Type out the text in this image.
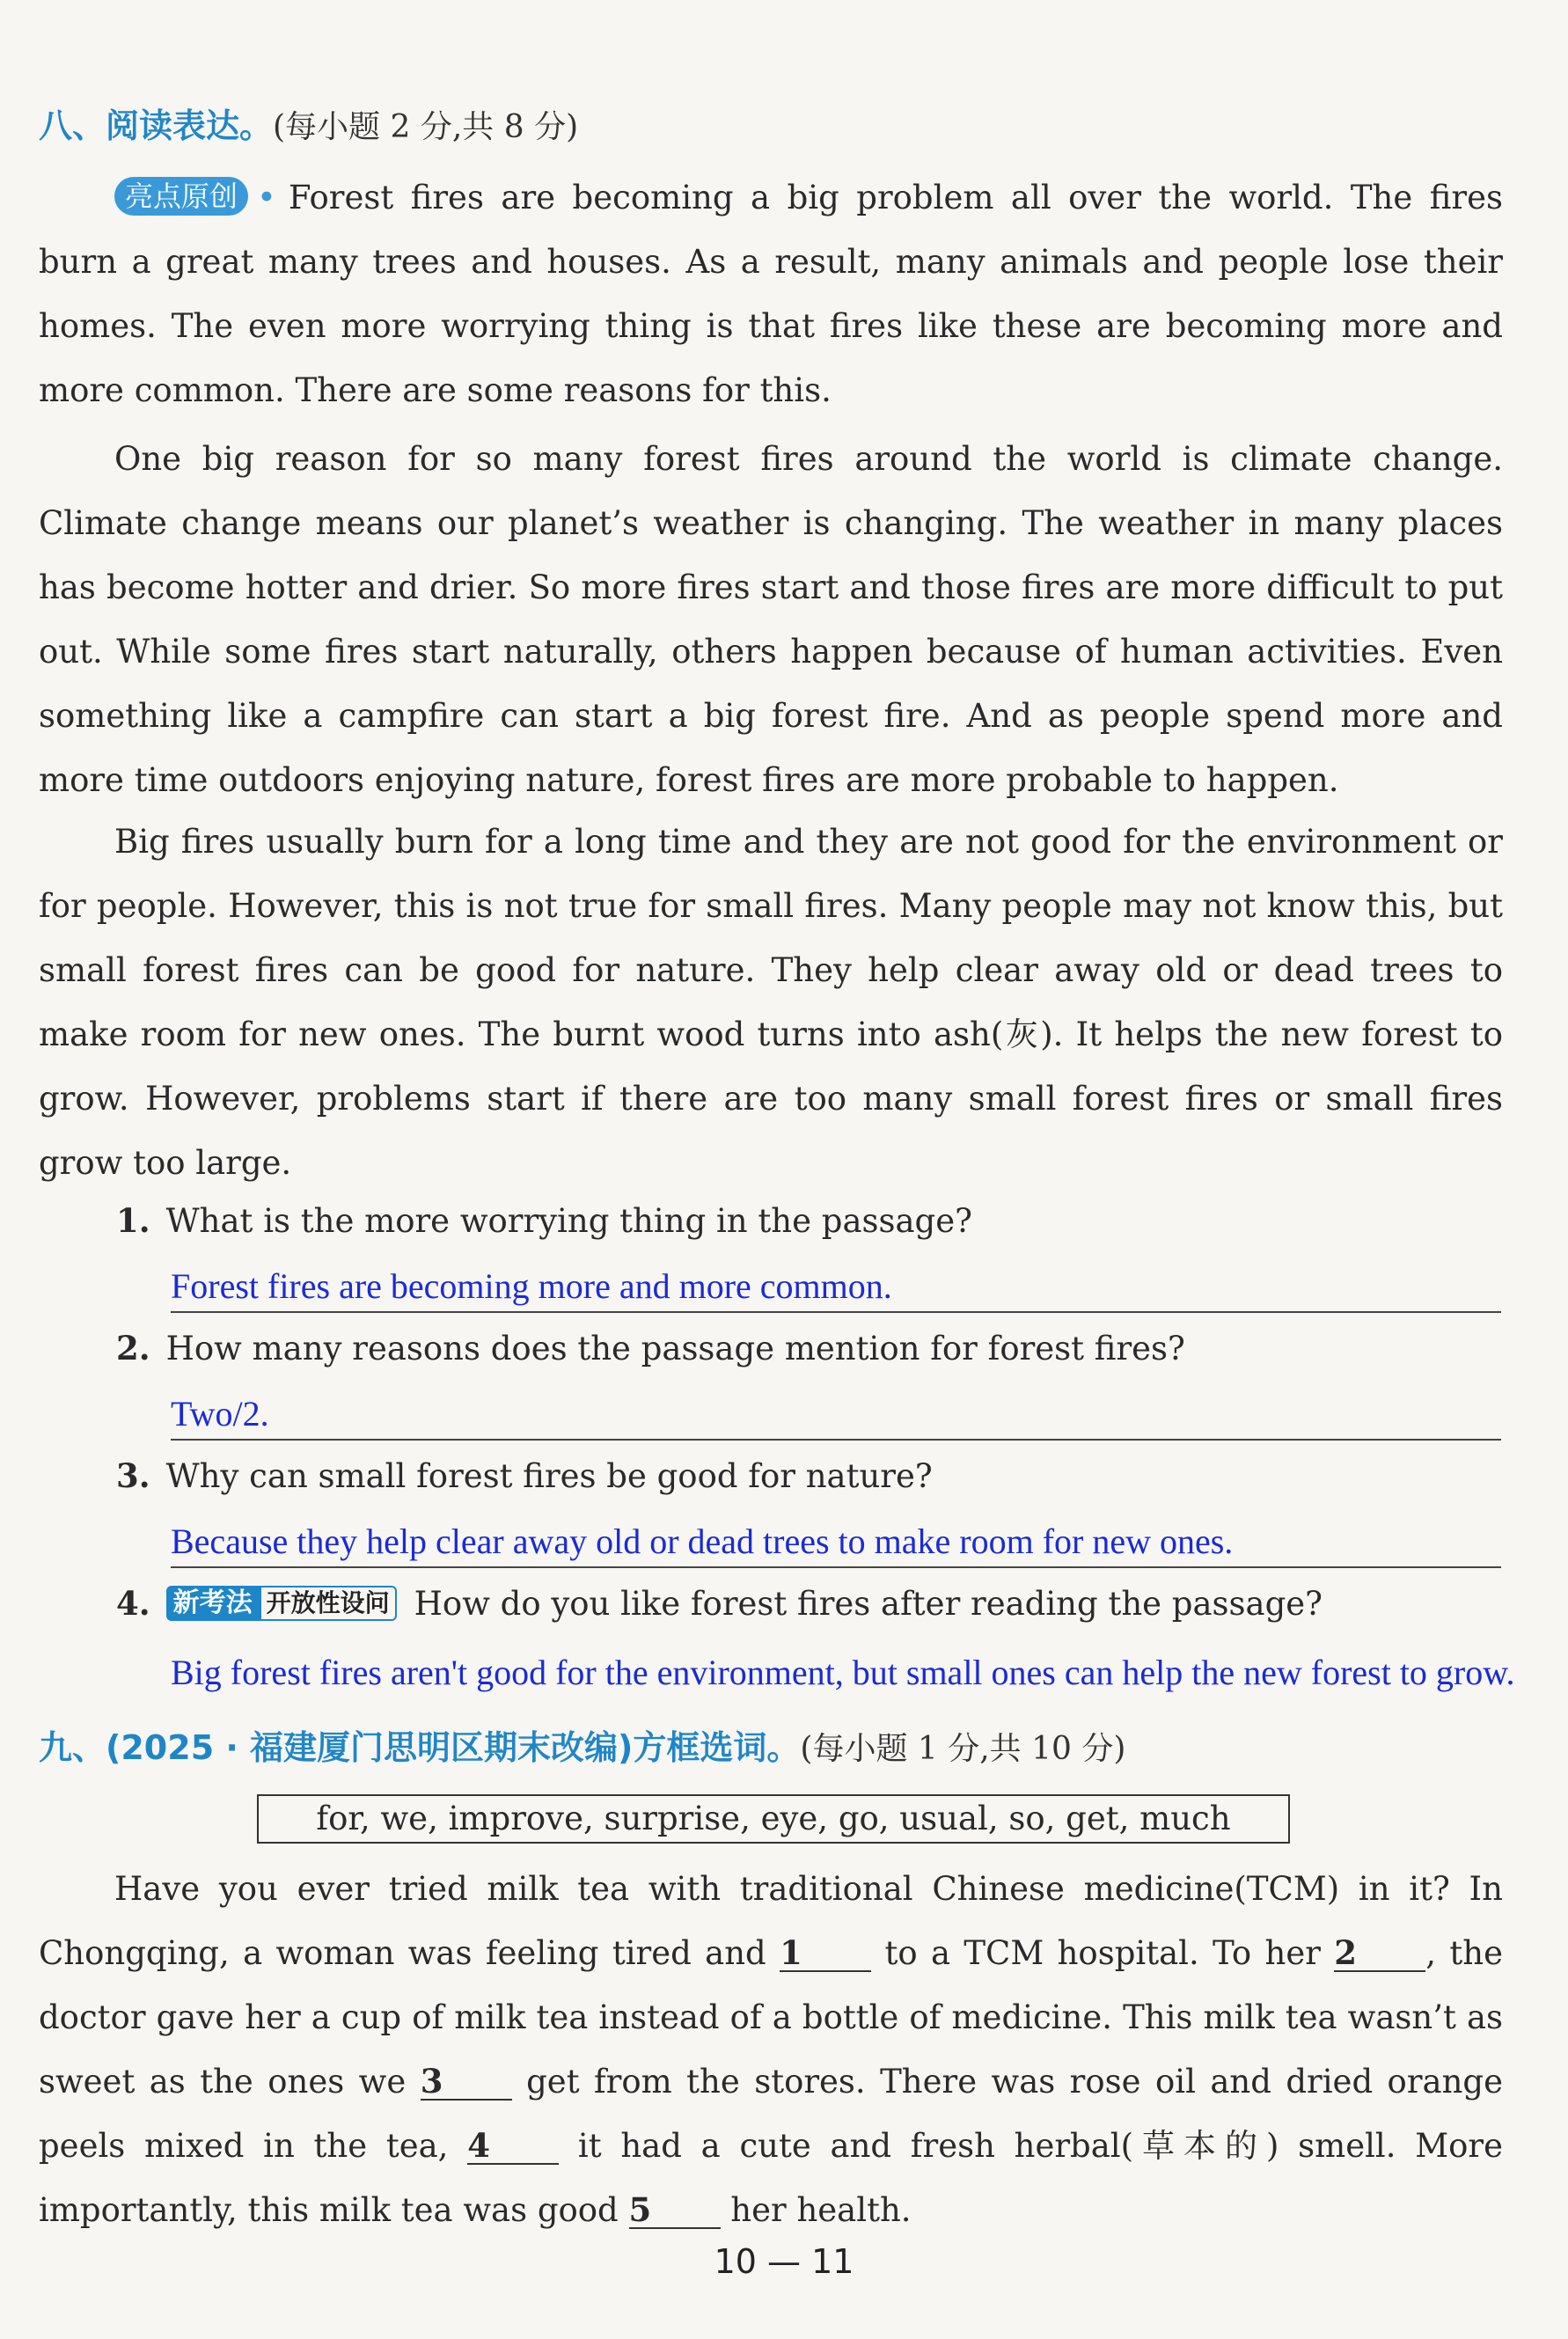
八、阅读表达。(每小题 2 分,共 8 分)

亮点原创 • Forest fires are becoming a big problem all over the world. The fires burn a great many trees and houses. As a result, many animals and people lose their homes. The even more worrying thing is that fires like these are becoming more and more common. There are some reasons for this.

One big reason for so many forest fires around the world is climate change. Climate change means our planet’s weather is changing. The weather in many places has become hotter and drier. So more fires start and those fires are more difficult to put out. While some fires start naturally, others happen because of human activities. Even something like a campfire can start a big forest fire. And as people spend more and more time outdoors enjoying nature, forest fires are more probable to happen.

Big fires usually burn for a long time and they are not good for the environment or for people. However, this is not true for small fires. Many people may not know this, but small forest fires can be good for nature. They help clear away old or dead trees to make room for new ones. The burnt wood turns into ash(灰). It helps the new forest to grow. However, problems start if there are too many small forest fires or small fires grow too large.

1. What is the more worrying thing in the passage?
Forest fires are becoming more and more common.
2. How many reasons does the passage mention for forest fires?
Two/2.
3. Why can small forest fires be good for nature?
Because they help clear away old or dead trees to make room for new ones.
4. 新考法 开放性设问 How do you like forest fires after reading the passage?
Big forest fires aren't good for the environment, but small ones can help the new forest to grow.
九、(2025 · 福建厦门思明区期末改编)方框选词。(每小题 1 分,共 10 分)
for, we, improve, surprise, eye, go, usual, so, get, much

Have you ever tried milk tea with traditional Chinese medicine(TCM) in it? In Chongqing, a woman was feeling tired and 1	to a TCM hospital. To her 2 , the doctor gave her a cup of milk tea instead of a bottle of medicine. This milk tea wasn’t as sweet as the ones we 3	get from the stores. There was rose oil and dried orange peels mixed in the tea, 4	it had a cute and fresh herbal(草本的) smell. More importantly, this milk tea was good 5 her health.

10 — 11
